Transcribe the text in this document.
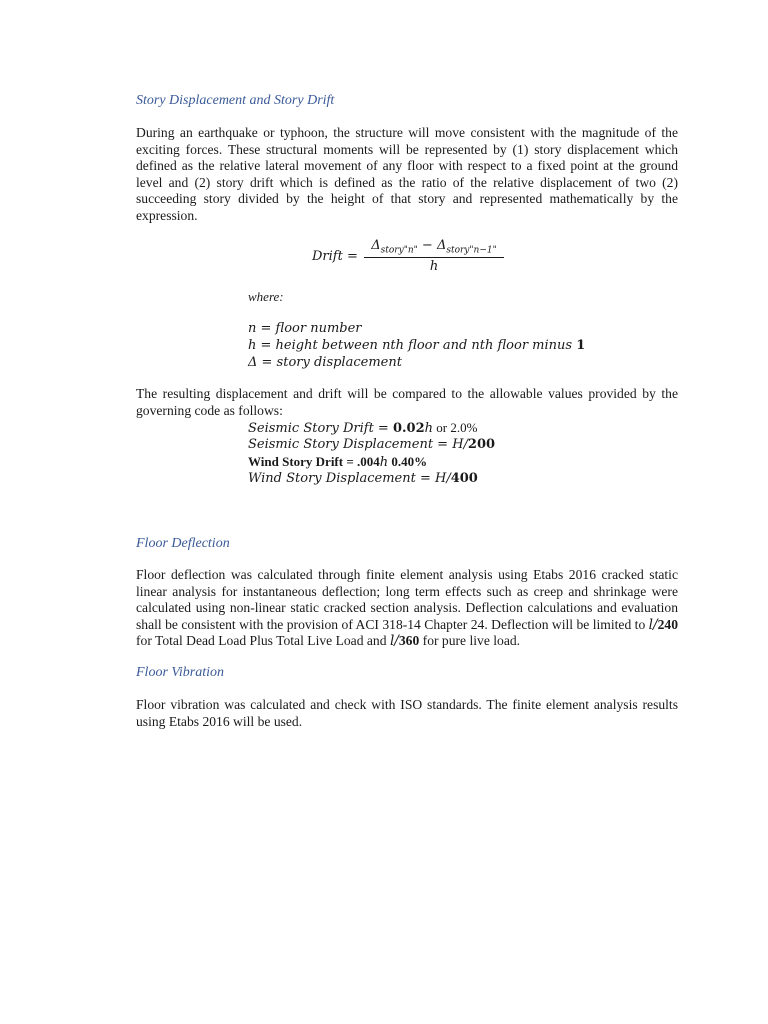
Story Displacement and Story Drift
During an earthquake or typhoon, the structure will move consistent with the magnitude of the exciting forces. These structural moments will be represented by (1) story displacement which defined as the relative lateral movement of any floor with respect to a fixed point at the ground level and (2) story drift which is defined as the ratio of the relative displacement of two (2) succeeding story divided by the height of that story and represented mathematically by the expression.
Drift =
$\Delta_{story"n"} - \Delta_{story"n-1"}$
h
where:
n = floor number
h = height between nth floor and nth floor minus 1
Δ = story displacement
The resulting displacement and drift will be compared to the allowable values provided by the governing code as follows:
Seismic Story Drift = 0.02h or 2.0%
Seismic Story Displacement = H/200
Wind Story Drift = .004h 0.40%
Wind Story Displacement = H/400
Floor Deflection
Floor deflection was calculated through finite element analysis using Etabs 2016 cracked static linear analysis for instantaneous deflection; long term effects such as creep and shrinkage were calculated using non-linear static cracked section analysis. Deflection calculations and evaluation shall be consistent with the provision of ACI 318-14 Chapter 24. Deflection will be limited to l/240 for Total Dead Load Plus Total Live Load and l/360 for pure live load.
Floor Vibration
Floor vibration was calculated and check with ISO standards. The finite element analysis results using Etabs 2016 will be used.
